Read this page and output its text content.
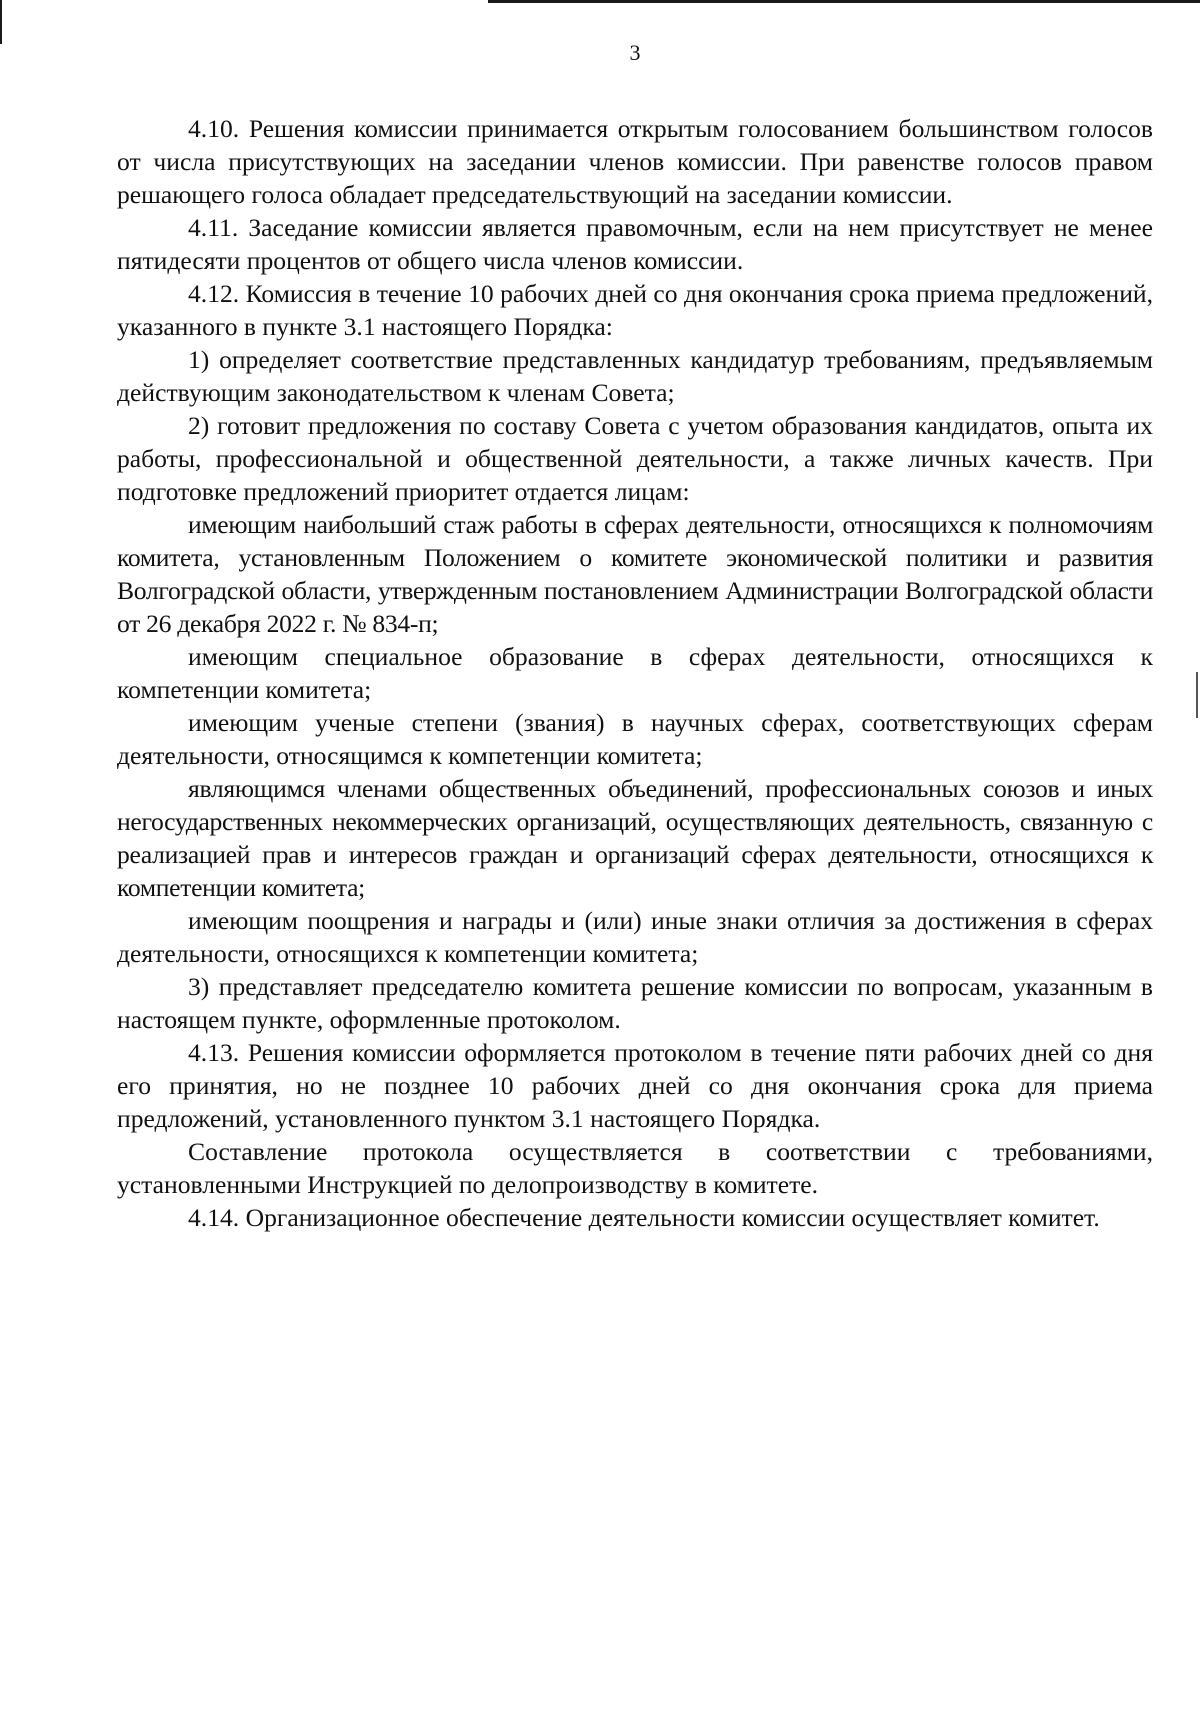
3

4.10. Решения комиссии принимается открытым голосованием большинством голосов от числа присутствующих на заседании членов комиссии. При равенстве голосов правом решающего голоса обладает председательствующий на заседании комиссии.

4.11. Заседание комиссии является правомочным, если на нем присутствует не менее пятидесяти процентов от общего числа членов комиссии.

4.12. Комиссия в течение 10 рабочих дней со дня окончания срока приема предложений, указанного в пункте 3.1 настоящего Порядка:

1) определяет соответствие представленных кандидатур требованиям, предъявляемым действующим законодательством к членам Совета;

2) готовит предложения по составу Совета с учетом образования кандидатов, опыта их работы, профессиональной и общественной деятельности, а также личных качеств. При подготовке предложений приоритет отдается лицам:

имеющим наибольший стаж работы в сферах деятельности, относящихся к полномочиям комитета, установленным Положением о комитете экономической политики и развития Волгоградской области, утвержденным постановлением Администрации Волгоградской области от 26 декабря 2022 г. № 834-п;

имеющим специальное образование в сферах деятельности, относящихся к компетенции комитета;

имеющим ученые степени (звания) в научных сферах, соответствующих сферам деятельности, относящимся к компетенции комитета;

являющимся членами общественных объединений, профессиональных союзов и иных негосударственных некоммерческих организаций, осуществляющих деятельность, связанную с реализацией прав и интересов граждан и организаций сферах деятельности, относящихся к компетенции комитета;

имеющим поощрения и награды и (или) иные знаки отличия за достижения в сферах деятельности, относящихся к компетенции комитета;

3) представляет председателю комитета решение комиссии по вопросам, указанным в настоящем пункте, оформленные протоколом.

4.13. Решения комиссии оформляется протоколом в течение пяти рабочих дней со дня его принятия, но не позднее 10 рабочих дней со дня окончания срока для приема предложений, установленного пунктом 3.1 настоящего Порядка.

Составление протокола осуществляется в соответствии с требованиями, установленными Инструкцией по делопроизводству в комитете.

4.14. Организационное обеспечение деятельности комиссии осуществляет комитет.
